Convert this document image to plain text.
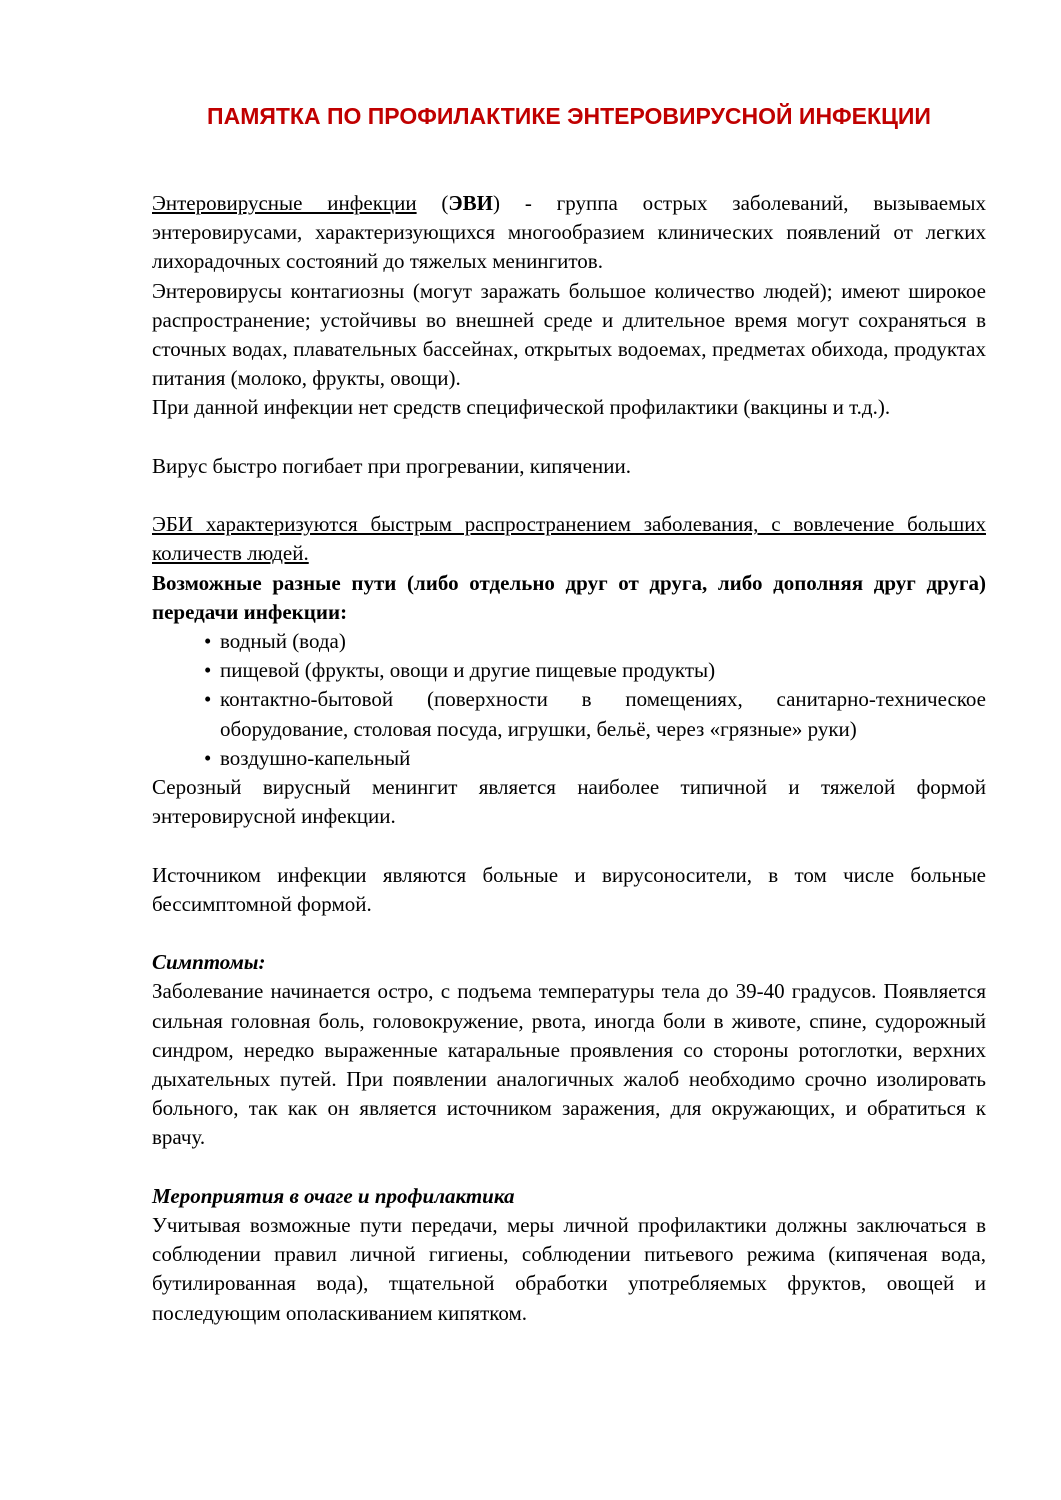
ПАМЯТКА ПО ПРОФИЛАКТИКЕ ЭНТЕРОВИРУСНОЙ ИНФЕКЦИИ

Энтеровирусные инфекции (ЭВИ) - группа острых заболеваний, вызываемых энтеровирусами, характеризующихся многообразием клинических появлений от легких лихорадочных состояний до тяжелых менингитов.

Энтеровирусы контагиозны (могут заражать большое количество людей); имеют широкое распространение; устойчивы во внешней среде и длительное время могут сохраняться в сточных водах, плавательных бассейнах, открытых водоемах, предметах обихода, продуктах питания (молоко, фрукты, овощи).

При данной инфекции нет средств специфической профилактики (вакцины и т.д.).

Вирус быстро погибает при прогревании, кипячении.

ЭБИ характеризуются быстрым распространением заболевания, с вовлечение больших количеств людей.

Возможные разные пути (либо отдельно друг от друга, либо дополняя друг друга) передачи инфекции:

• водный (вода)
• пищевой (фрукты, овощи и другие пищевые продукты)
• контактно-бытовой (поверхности в помещениях, санитарно-техническое оборудование, столовая посуда, игрушки, бельё, через «грязные» руки)
• воздушно-капельный

Серозный вирусный менингит является наиболее типичной и тяжелой формой энтеровирусной инфекции.

Источником инфекции являются больные и вирусоносители, в том числе больные бессимптомной формой.

Симптомы:

Заболевание начинается остро, с подъема температуры тела до 39-40 градусов. Появляется сильная головная боль, головокружение, рвота, иногда боли в животе, спине, судорожный синдром, нередко выраженные катаральные проявления со стороны ротоглотки, верхних дыхательных путей. При появлении аналогичных жалоб необходимо срочно изолировать больного, так как он является источником заражения, для окружающих, и обратиться к врачу.

Мероприятия в очаге и профилактика

Учитывая возможные пути передачи, меры личной профилактики должны заключаться в соблюдении правил личной гигиены, соблюдении питьевого режима (кипяченая вода, бутилированная вода), тщательной обработки употребляемых фруктов, овощей и последующим ополаскиванием кипятком.
